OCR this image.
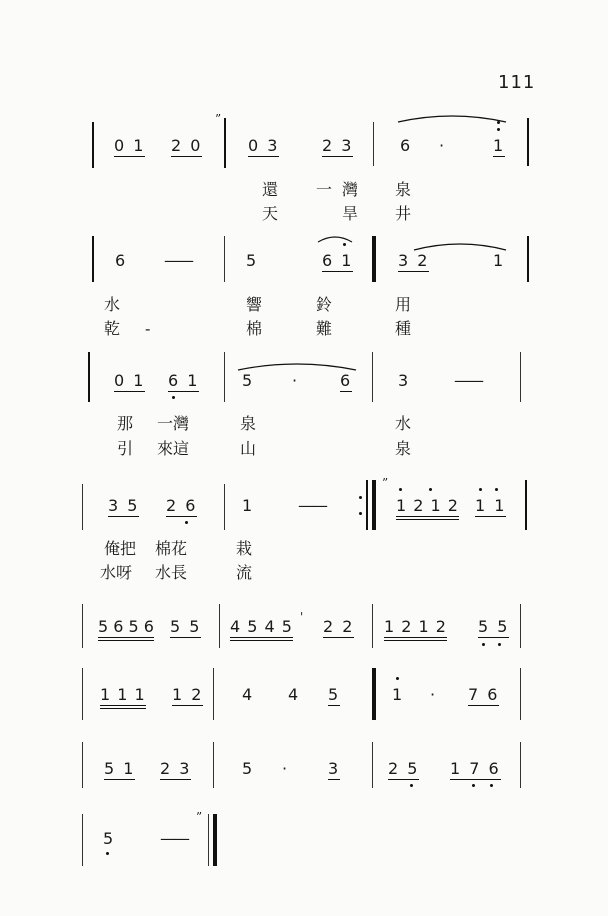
111
”
0 1 2 0	0 3	2 3	6 ·	1
還 一灣 泉
天	旱 井
6 ——	5	6 1	3 2	1
水	響	鈴	用
乾 -	棉	難	種
0 1 6 1	5 ·	6	3	——
那 一灣	泉	水
引 來這	山	泉
”
3 5 2 6	1	——	1 2 1 2 1 1
俺把 棉花	栽
水呀 水長	流
5 6 5 6 5 5 4 5 4 5 ' 2 2 1 2 1 2 5 5
1 1 1 1 2 4 4 5	1 · 7 6
5 1 2 3	5 · 3	2 5 1 7 6
”
5	——
